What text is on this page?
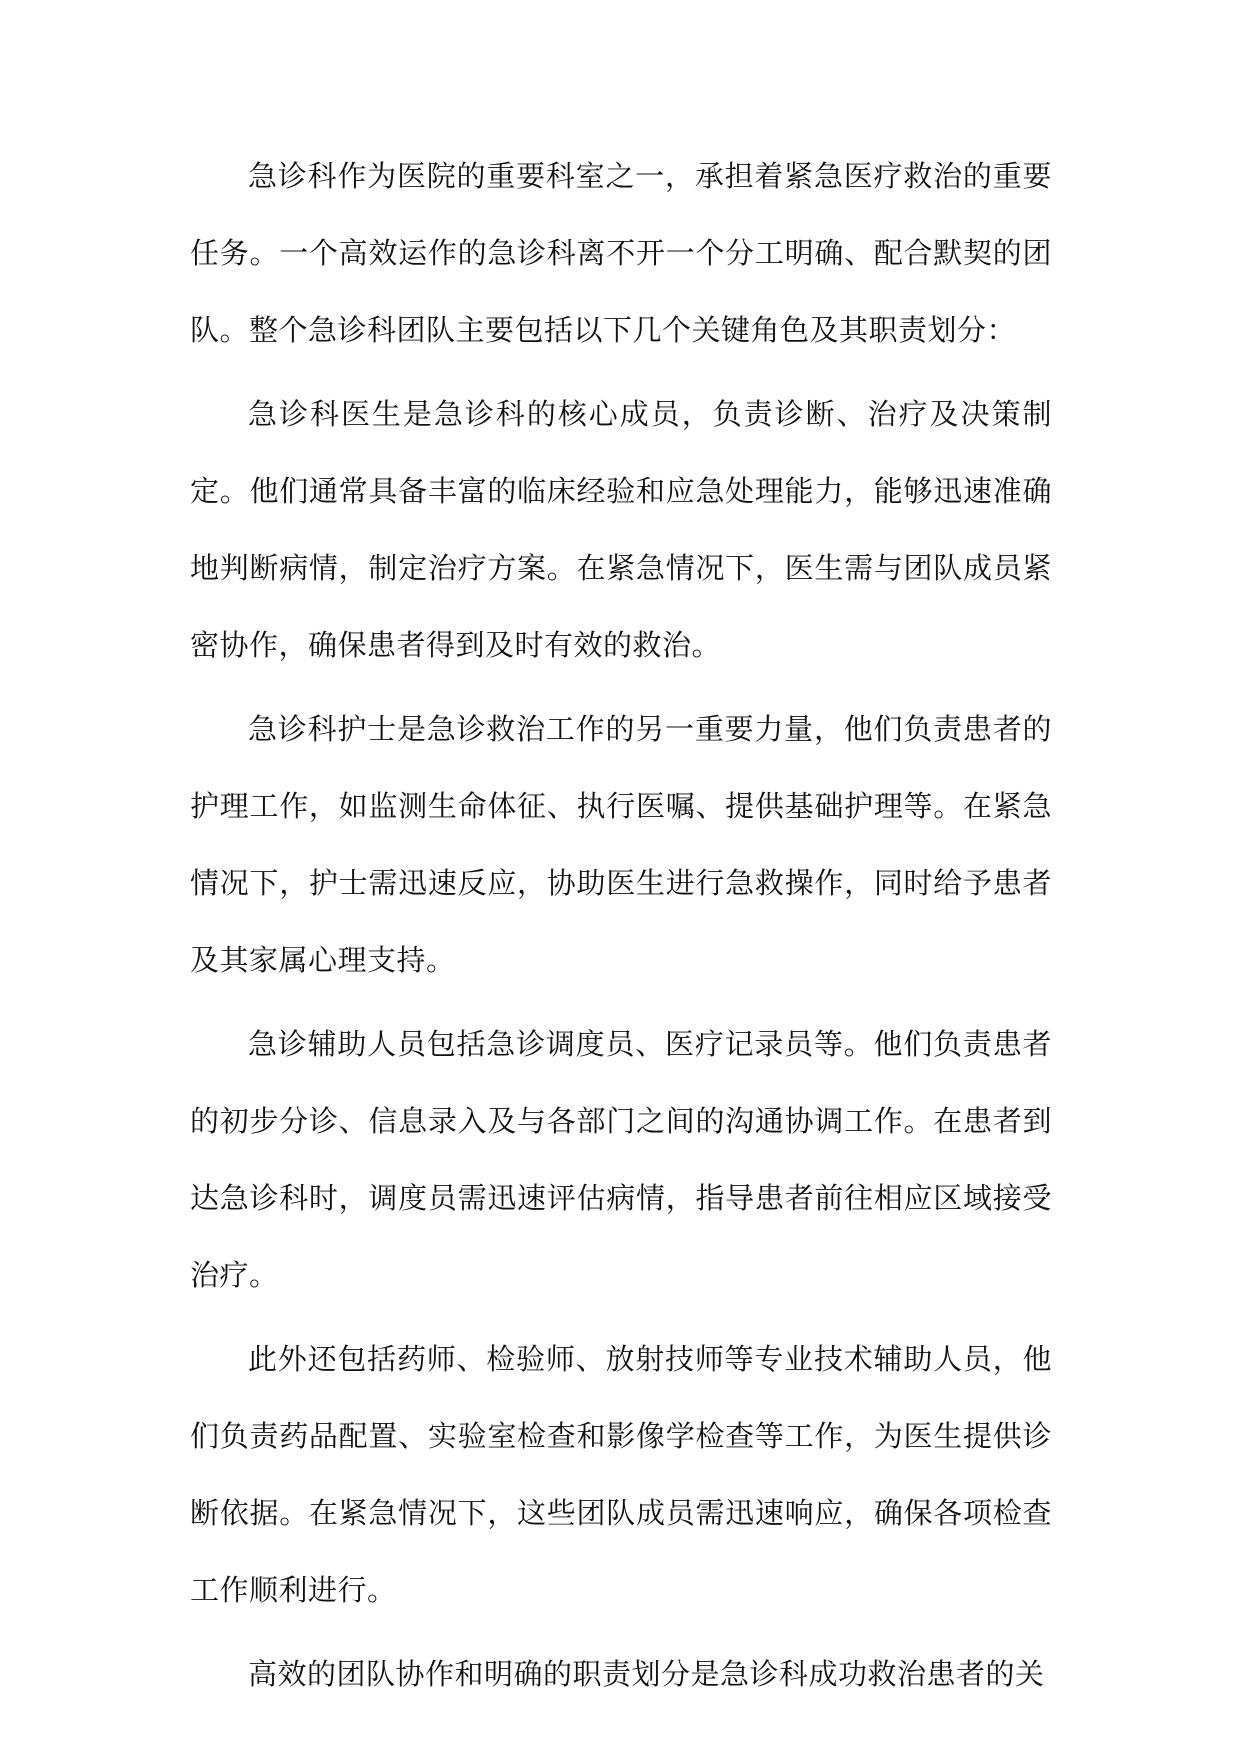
急诊科作为医院的重要科室之一，承担着紧急医疗救治的重要任务。一个高效运作的急诊科离不开一个分工明确、配合默契的团队。整个急诊科团队主要包括以下几个关键角色及其职责划分：

急诊科医生是急诊科的核心成员，负责诊断、治疗及决策制定。他们通常具备丰富的临床经验和应急处理能力，能够迅速准确地判断病情，制定治疗方案。在紧急情况下，医生需与团队成员紧密协作，确保患者得到及时有效的救治。

急诊科护士是急诊救治工作的另一重要力量，他们负责患者的护理工作，如监测生命体征、执行医嘱、提供基础护理等。在紧急情况下，护士需迅速反应，协助医生进行急救操作，同时给予患者及其家属心理支持。

急诊辅助人员包括急诊调度员、医疗记录员等。他们负责患者的初步分诊、信息录入及与各部门之间的沟通协调工作。在患者到达急诊科时，调度员需迅速评估病情，指导患者前往相应区域接受治疗。

此外还包括药师、检验师、放射技师等专业技术辅助人员，他们负责药品配置、实验室检查和影像学检查等工作，为医生提供诊断依据。在紧急情况下，这些团队成员需迅速响应，确保各项检查工作顺利进行。

高效的团队协作和明确的职责划分是急诊科成功救治患者的关
